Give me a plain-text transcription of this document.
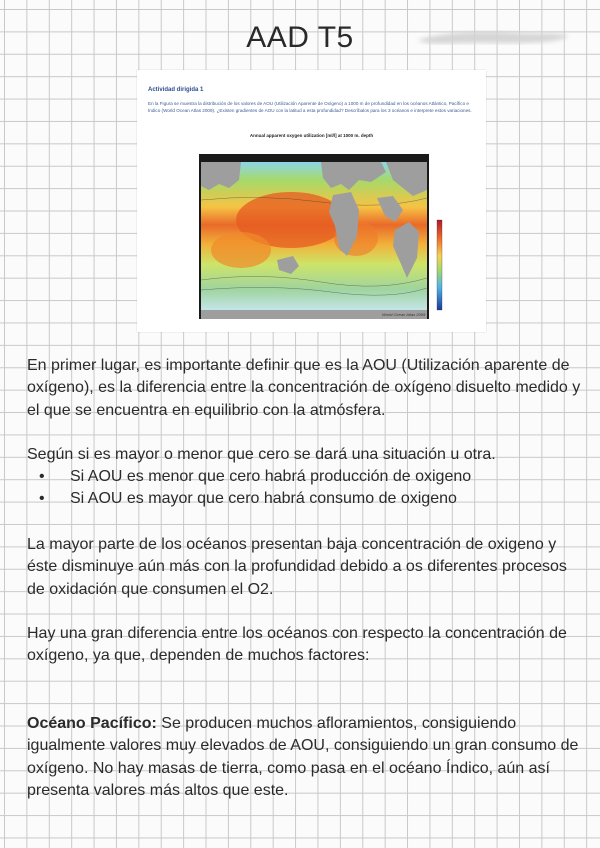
AAD T5
Actividad dirigida 1
En la Figura se muestra la distribución de los valores de AOU (Utilización Aparente de Oxígeno) a 1000 m de profundidad en los océanos Atlántico, Pacífico e Índico (World Ocean Atlas 2009). ¿Existen gradientes de AOU con la latitud a esta profundidad? Descríbalos para los 3 océanos e interprete estos variaciones.
Annual apparent oxygen utilization [ml/l] at 1000 m. depth
World Ocean Atlas 2009

En primer lugar, es importante definir que es la AOU (Utilización aparente de oxígeno), es la diferencia entre la concentración de oxígeno disuelto medido y el que se encuentra en equilibrio con la atmósfera.

Según si es mayor o menor que cero se dará una situación u otra.

• Si AOU es menor que cero habrá producción de oxigeno
• Si AOU es mayor que cero habrá consumo de oxigeno

La mayor parte de los océanos presentan baja concentración de oxigeno y éste disminuye aún más con la profundidad debido a os diferentes procesos de oxidación que consumen el O2.

Hay una gran diferencia entre los océanos con respecto la concentración de oxígeno, ya que, dependen de muchos factores:

Océano Pacífico: Se producen muchos afloramientos, consiguiendo igualmente valores muy elevados de AOU, consiguiendo un gran consumo de oxígeno. No hay masas de tierra, como pasa en el océano Índico, aún así presenta valores más altos que este.
